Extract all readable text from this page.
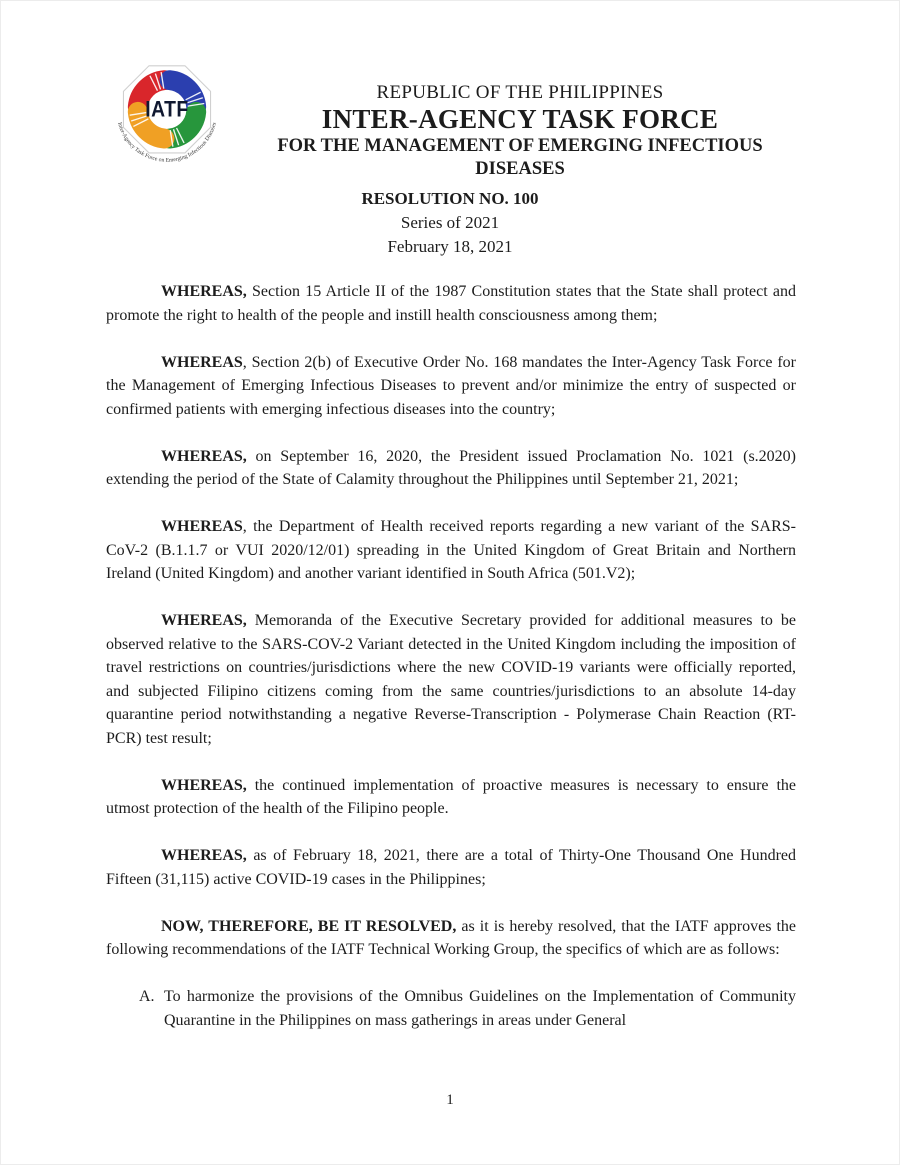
IATF
Inter-Agency Task Force on Emerging Infectious Diseases
REPUBLIC OF THE PHILIPPINES
INTER-AGENCY TASK FORCE
FOR THE MANAGEMENT OF EMERGING INFECTIOUS DISEASES
RESOLUTION NO. 100
Series of 2021
February 18, 2021

WHEREAS, Section 15 Article II of the 1987 Constitution states that the State shall protect and promote the right to health of the people and instill health consciousness among them;

WHEREAS, Section 2(b) of Executive Order No. 168 mandates the Inter-Agency Task Force for the Management of Emerging Infectious Diseases to prevent and/or minimize the entry of suspected or confirmed patients with emerging infectious diseases into the country;

WHEREAS, on September 16, 2020, the President issued Proclamation No. 1021 (s.2020) extending the period of the State of Calamity throughout the Philippines until September 21, 2021;

WHEREAS, the Department of Health received reports regarding a new variant of the SARS-CoV-2 (B.1.1.7 or VUI 2020/12/01) spreading in the United Kingdom of Great Britain and Northern Ireland (United Kingdom) and another variant identified in South Africa (501.V2);

WHEREAS, Memoranda of the Executive Secretary provided for additional measures to be observed relative to the SARS-COV-2 Variant detected in the United Kingdom including the imposition of travel restrictions on countries/jurisdictions where the new COVID-19 variants were officially reported, and subjected Filipino citizens coming from the same countries/jurisdictions to an absolute 14-day quarantine period notwithstanding a negative Reverse-Transcription - Polymerase Chain Reaction (RT-PCR) test result;

WHEREAS, the continued implementation of proactive measures is necessary to ensure the utmost protection of the health of the Filipino people.

WHEREAS, as of February 18, 2021, there are a total of Thirty-One Thousand One Hundred Fifteen (31,115) active COVID-19 cases in the Philippines;

NOW, THEREFORE, BE IT RESOLVED, as it is hereby resolved, that the IATF approves the following recommendations of the IATF Technical Working Group, the specifics of which are as follows:

A. To harmonize the provisions of the Omnibus Guidelines on the Implementation of Community Quarantine in the Philippines on mass gatherings in areas under General
1
